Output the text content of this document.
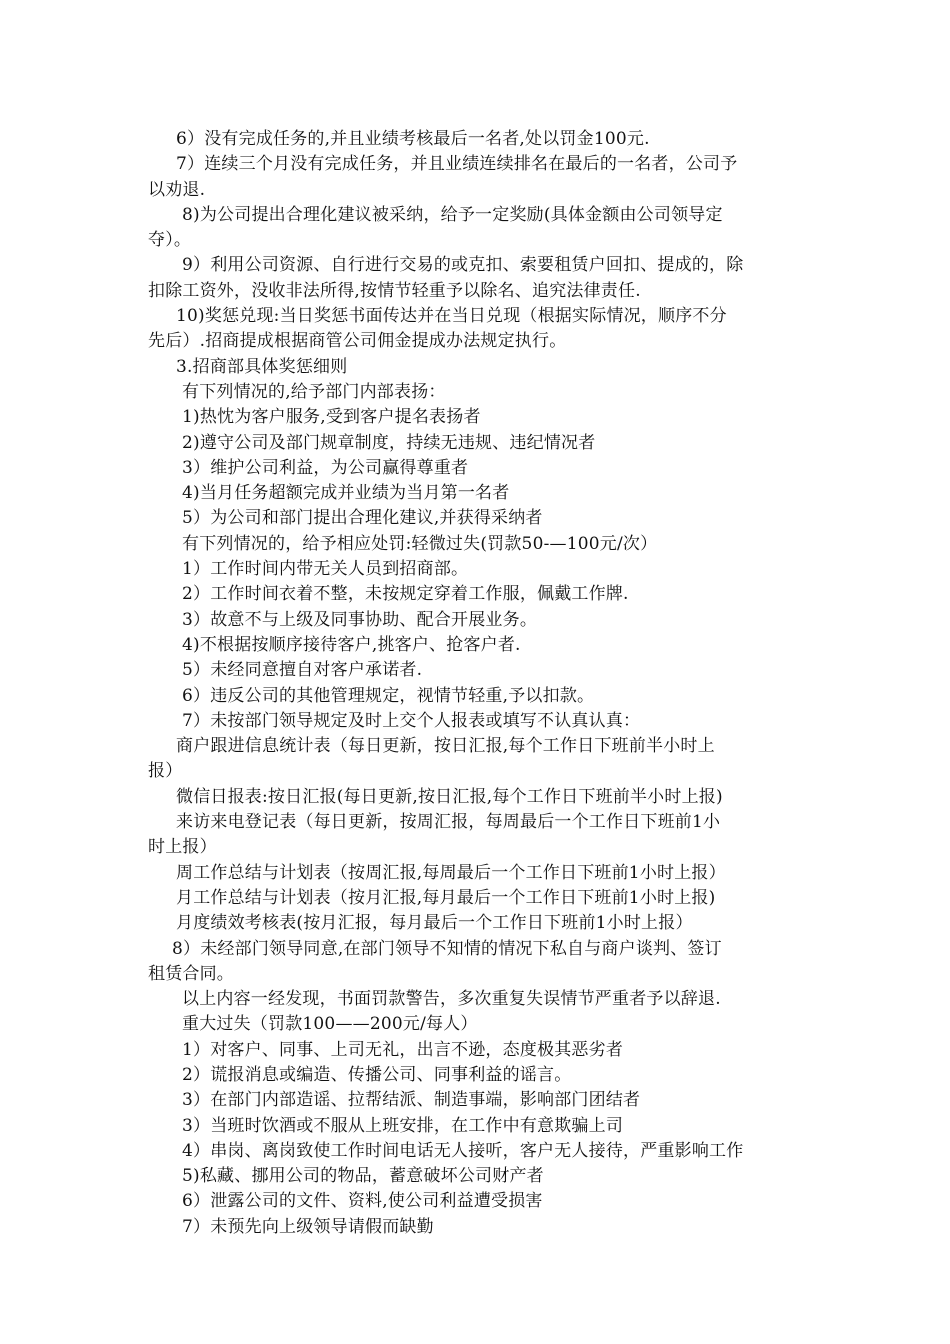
6）没有完成任务的,并且业绩考核最后一名者,处以罚金100元.
7）连续三个月没有完成任务，并且业绩连续排名在最后的一名者，公司予
以劝退.
8)为公司提出合理化建议被采纳，给予一定奖励(具体金额由公司领导定
夺）。
9）利用公司资源、自行进行交易的或克扣、索要租赁户回扣、提成的，除
扣除工资外，没收非法所得,按情节轻重予以除名、追究法律责任.
10)奖惩兑现:当日奖惩书面传达并在当日兑现（根据实际情况，顺序不分
先后）.招商提成根据商管公司佣金提成办法规定执行。
3.招商部具体奖惩细则
有下列情况的,给予部门内部表扬：
1)热忱为客户服务,受到客户提名表扬者
2)遵守公司及部门规章制度，持续无违规、违纪情况者
3）维护公司利益，为公司赢得尊重者
4)当月任务超额完成并业绩为当月第一名者
5）为公司和部门提出合理化建议,并获得采纳者
有下列情况的，给予相应处罚:轻微过失(罚款50-—100元/次）
1）工作时间内带无关人员到招商部。
2）工作时间衣着不整，未按规定穿着工作服，佩戴工作牌.
3）故意不与上级及同事协助、配合开展业务。
4)不根据按顺序接待客户,挑客户、抢客户者.
5）未经同意擅自对客户承诺者.
6）违反公司的其他管理规定，视情节轻重,予以扣款。
7）未按部门领导规定及时上交个人报表或填写不认真认真：
商户跟进信息统计表（每日更新，按日汇报,每个工作日下班前半小时上
报）
微信日报表:按日汇报(每日更新,按日汇报,每个工作日下班前半小时上报)
来访来电登记表（每日更新，按周汇报，每周最后一个工作日下班前1小
时上报）
周工作总结与计划表（按周汇报,每周最后一个工作日下班前1小时上报）
月工作总结与计划表（按月汇报,每月最后一个工作日下班前1小时上报)
月度绩效考核表(按月汇报，每月最后一个工作日下班前1小时上报）
8）未经部门领导同意,在部门领导不知情的情况下私自与商户谈判、签订
租赁合同。
以上内容一经发现，书面罚款警告，多次重复失误情节严重者予以辞退.
重大过失（罚款100——200元/每人）
1）对客户、同事、上司无礼，出言不逊，态度极其恶劣者
2）谎报消息或编造、传播公司、同事利益的谣言。
3）在部门内部造谣、拉帮结派、制造事端，影响部门团结者
3）当班时饮酒或不服从上班安排，在工作中有意欺骗上司
4）串岗、离岗致使工作时间电话无人接听，客户无人接待，严重影响工作
5)私藏、挪用公司的物品，蓄意破坏公司财产者
6）泄露公司的文件、资料,使公司利益遭受损害
7）未预先向上级领导请假而缺勤
